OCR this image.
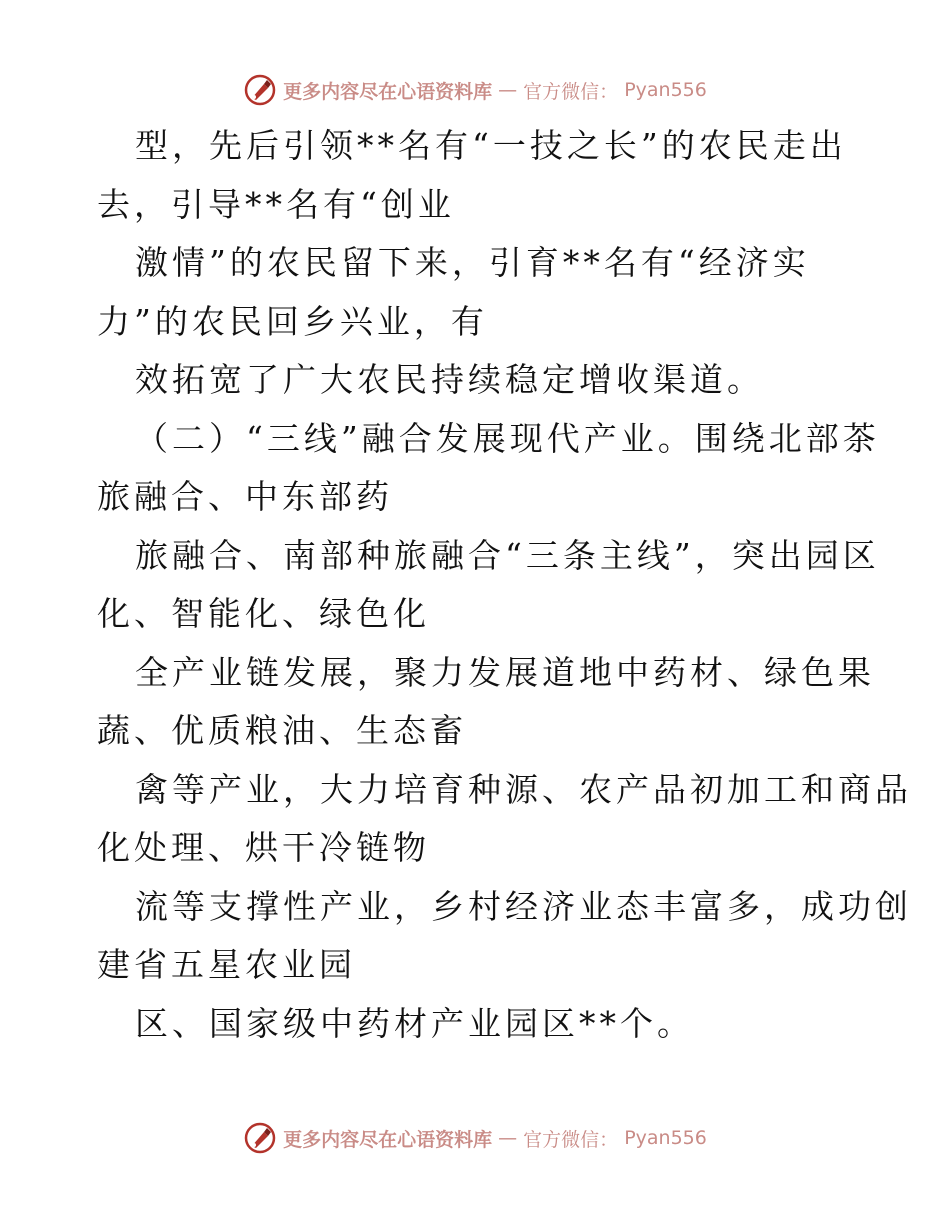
更多内容尽在心语资料库 — 官方微信： Pyan556
型，先后引领**名有“一技之长”的农民走出
去，引导**名有“创业
激情”的农民留下来，引育**名有“经济实
力”的农民回乡兴业，有
效拓宽了广大农民持续稳定增收渠道。
（二）“三线”融合发展现代产业。围绕北部茶
旅融合、中东部药
旅融合、南部种旅融合“三条主线”，突出园区
化、智能化、绿色化
全产业链发展，聚力发展道地中药材、绿色果
蔬、优质粮油、生态畜
禽等产业，大力培育种源、农产品初加工和商品
化处理、烘干冷链物
流等支撑性产业，乡村经济业态丰富多，成功创
建省五星农业园
区、国家级中药材产业园区**个。
更多内容尽在心语资料库 — 官方微信： Pyan556
